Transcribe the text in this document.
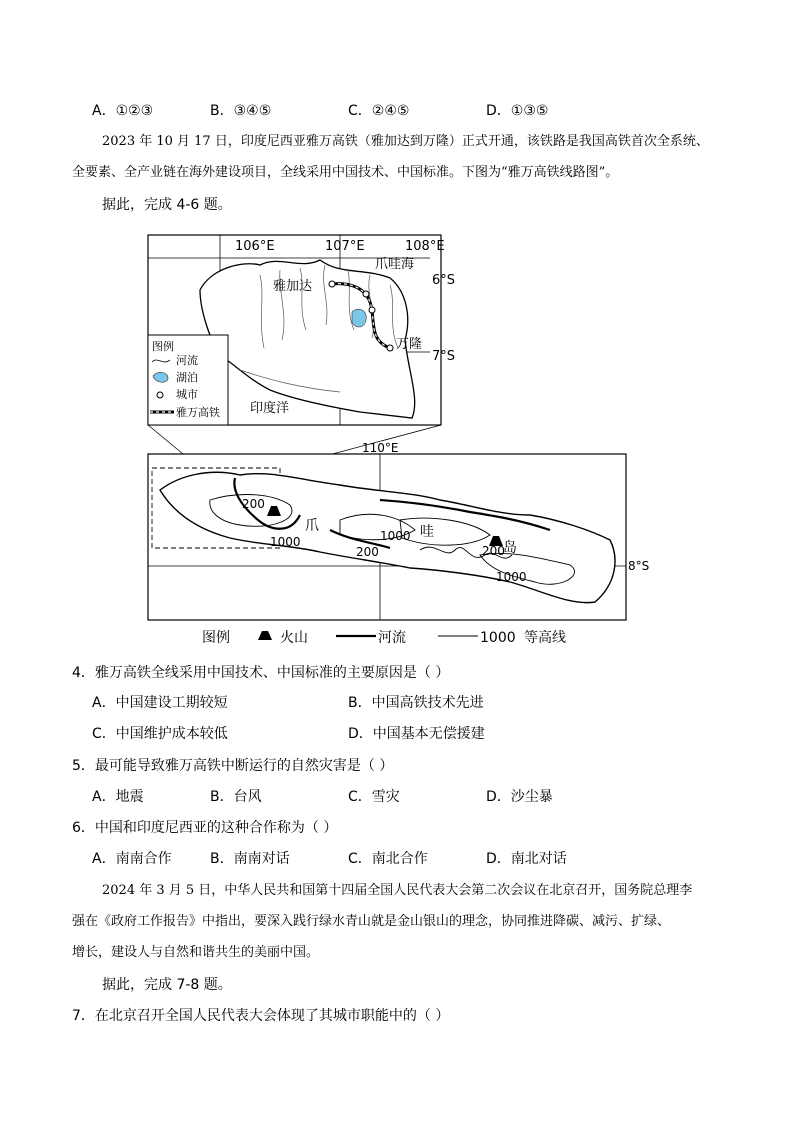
A．①②③	B．③④⑤	C．②④⑤	D．①③⑤
2023 年 10 月 17 日，印度尼西亚雅万高铁（雅加达到万隆）正式开通，该铁路是我国高铁首次全系统、
全要素、全产业链在海外建设项目，全线采用中国技术、中国标准。下图为“雅万高铁线路图”。
据此，完成 4-6 题。
106°E	107°E	108°E
6°S
7°S
爪哇海
雅加达
万隆
印度洋
图例
河流
湖泊
城市
雅万高铁
110°E
8°S
200
1000
200
1000
200
1000
爪	哇
岛
图例	火山	河流	1000 等高线
4．雅万高铁全线采用中国技术、中国标准的主要原因是（ ）
A．中国建设工期较短	B．中国高铁技术先进
C．中国维护成本较低	D．中国基本无偿援建
5．最可能导致雅万高铁中断运行的自然灾害是（ ）
A．地震	B．台风	C．雪灾	D．沙尘暴
6．中国和印度尼西亚的这种合作称为（ ）
A．南南合作	B．南南对话	C．南北合作	D．南北对话
2024 年 3 月 5 日，中华人民共和国第十四届全国人民代表大会第二次会议在北京召开，国务院总理李
强在《政府工作报告》中指出，要深入践行绿水青山就是金山银山的理念，协同推进降碳、减污、扩绿、
增长，建设人与自然和谐共生的美丽中国。
据此，完成 7-8 题。
7．在北京召开全国人民代表大会体现了其城市职能中的（ ）
